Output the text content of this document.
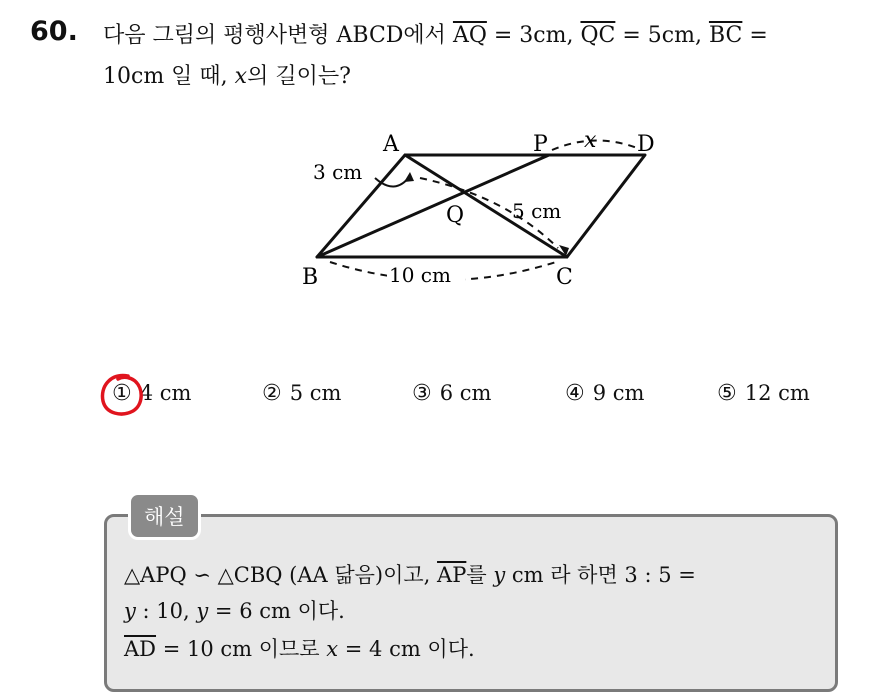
60. 다음 그림의 평행사변형 ABCD에서 $\overline{AQ} = 3cm$, $\overline{QC} = 5cm$, $\overline{BC}$ =
10cm 일 때, x의 길이는?
A	P	D
B	C
Q
x
3 cm
5 cm
10 cm
① 4 cm	② 5 cm	③ 6 cm	④ 9 cm	⑤ 12 cm
해설
△APQ ∽ △CBQ (AA 닮음)이고, $\overline{AP}$를 y cm 라 하면 3 : 5 =
y : 10, y = 6 cm 이다.
$\overline{AD} = 10$ cm 이므로 x = 4 cm 이다.
